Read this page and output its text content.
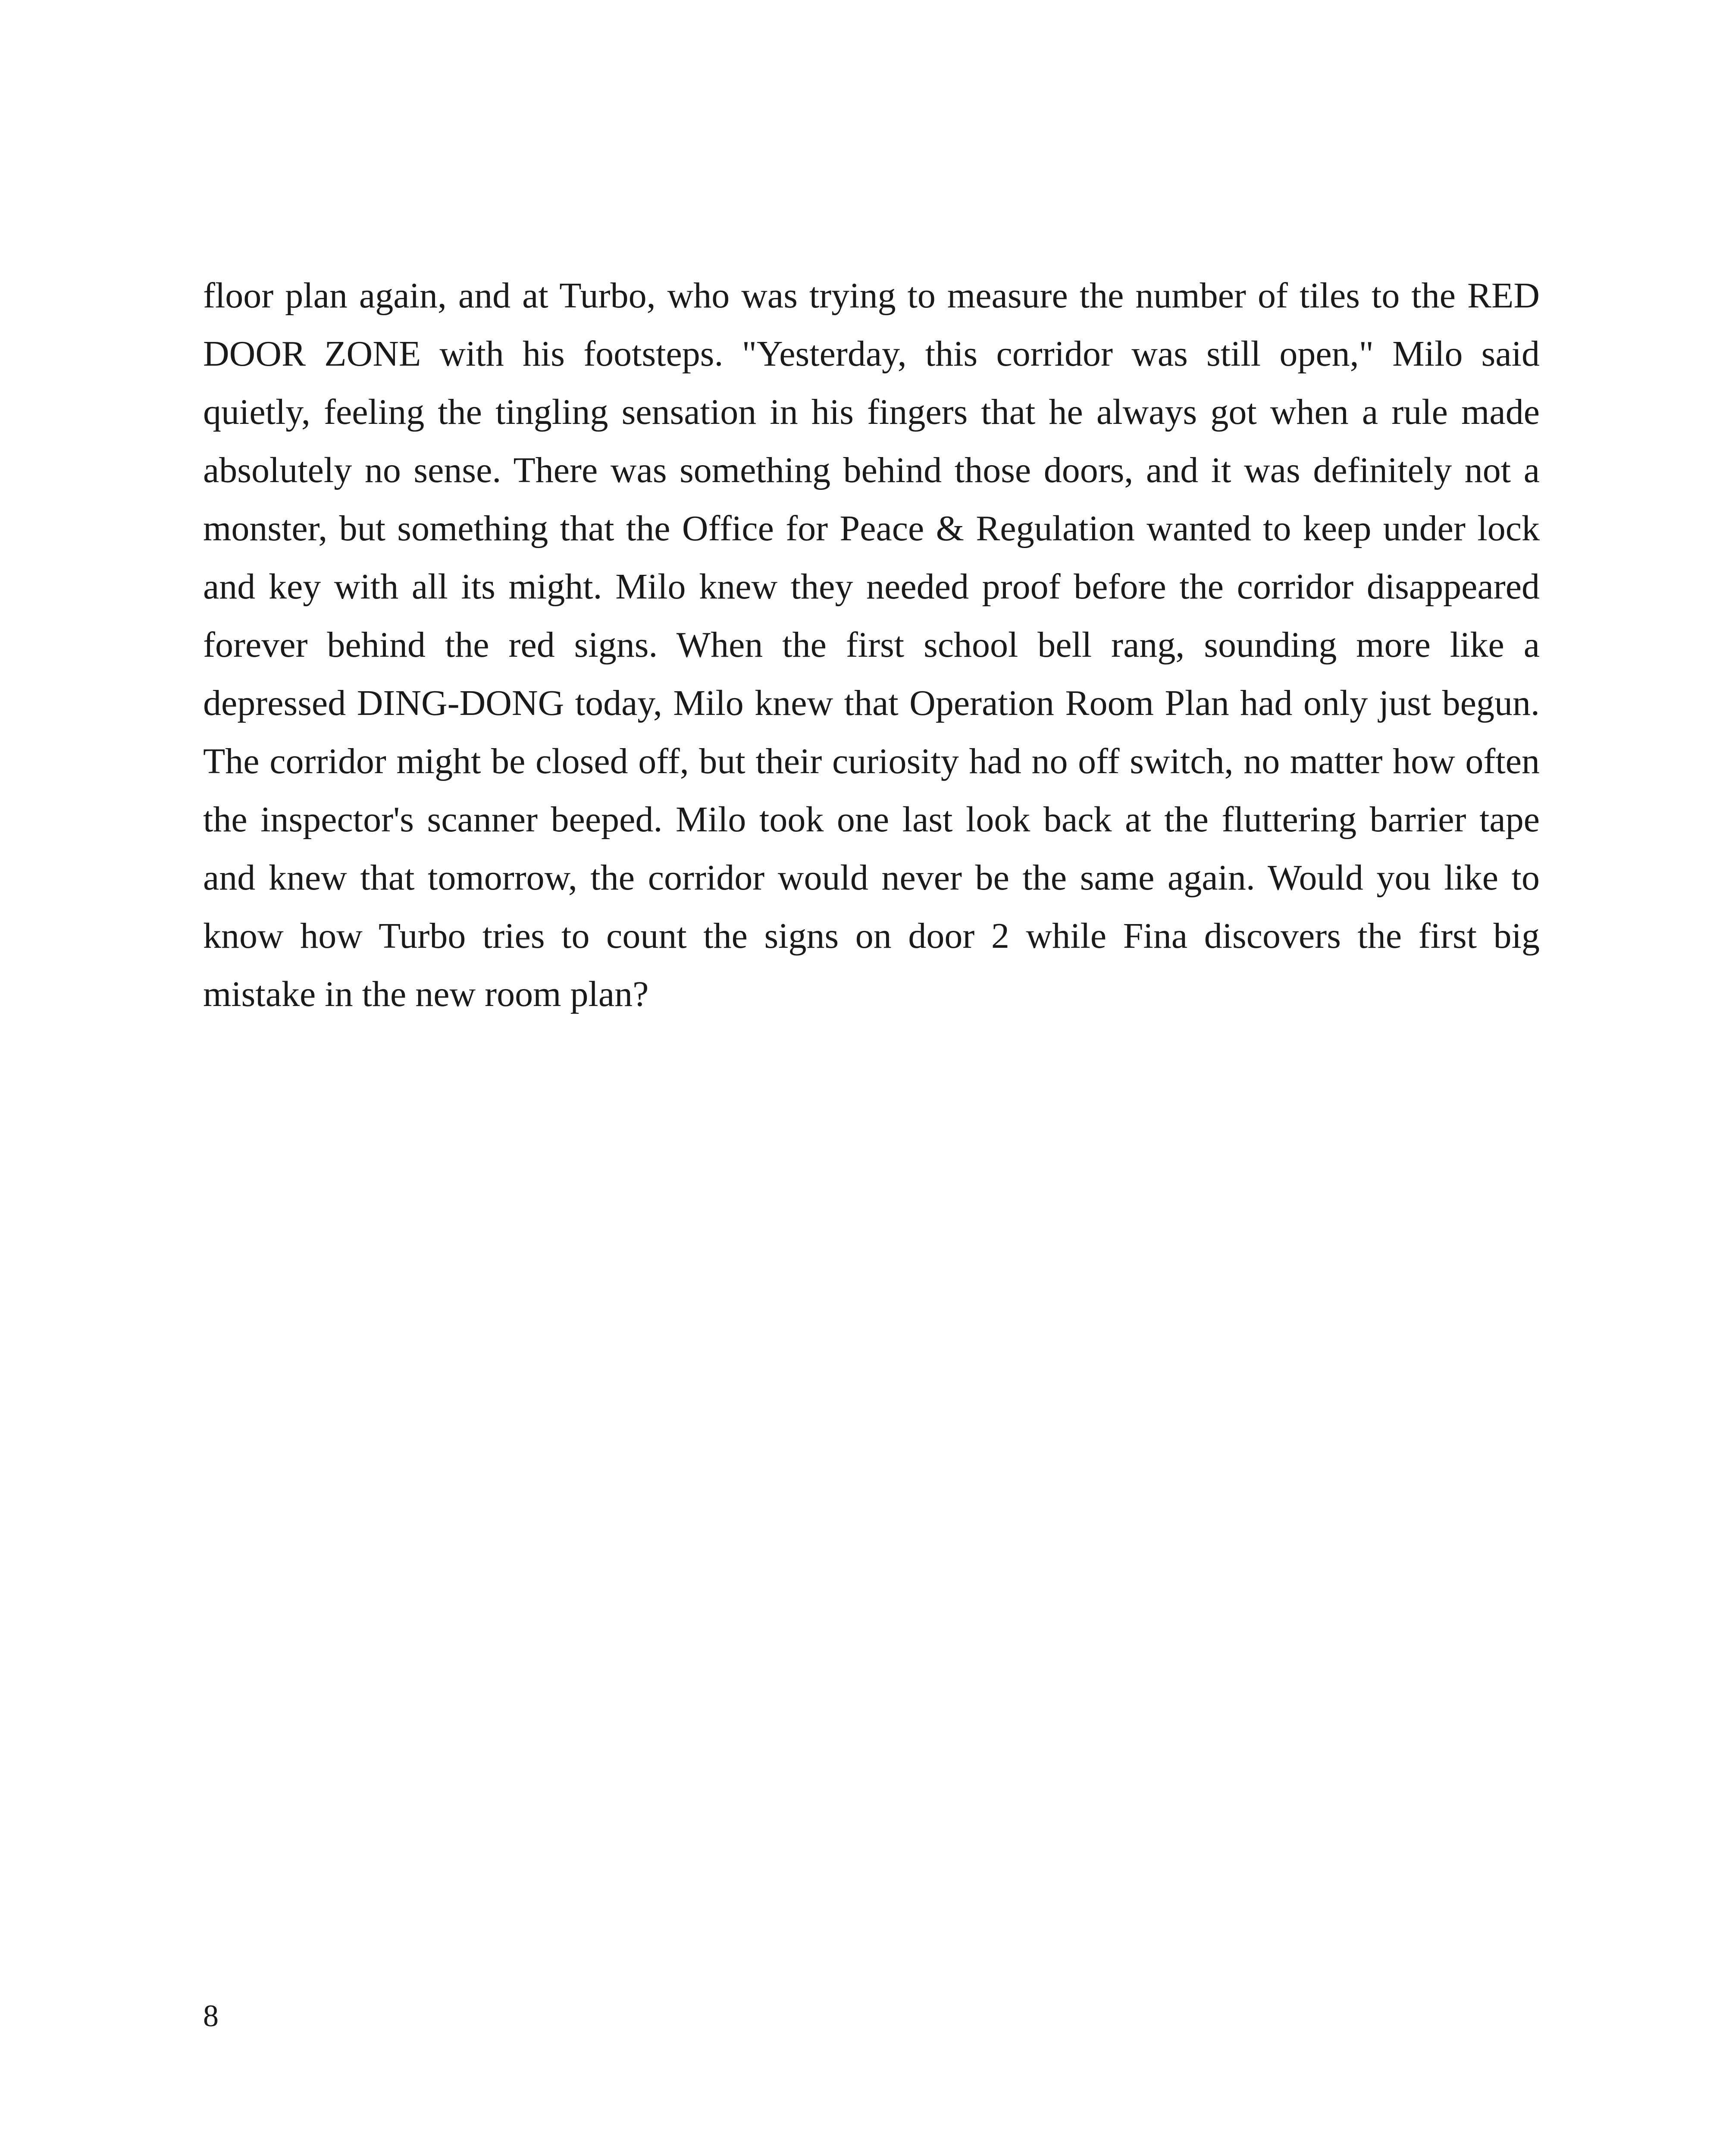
floor plan again, and at Turbo, who was trying to measure the number of tiles to the RED DOOR ZONE with his footsteps. "Yesterday, this corridor was still open," Milo said quietly, feeling the tingling sensation in his fingers that he always got when a rule made absolutely no sense. There was something behind those doors, and it was definitely not a monster, but something that the Office for Peace & Regulation wanted to keep under lock and key with all its might. Milo knew they needed proof before the corridor disappeared forever behind the red signs. When the first school bell rang, sounding more like a depressed DING-DONG today, Milo knew that Operation Room Plan had only just begun. The corridor might be closed off, but their curiosity had no off switch, no matter how often the inspector's scanner beeped. Milo took one last look back at the fluttering barrier tape and knew that tomorrow, the corridor would never be the same again. Would you like to know how Turbo tries to count the signs on door 2 while Fina discovers the first big mistake in the new room plan?

8
